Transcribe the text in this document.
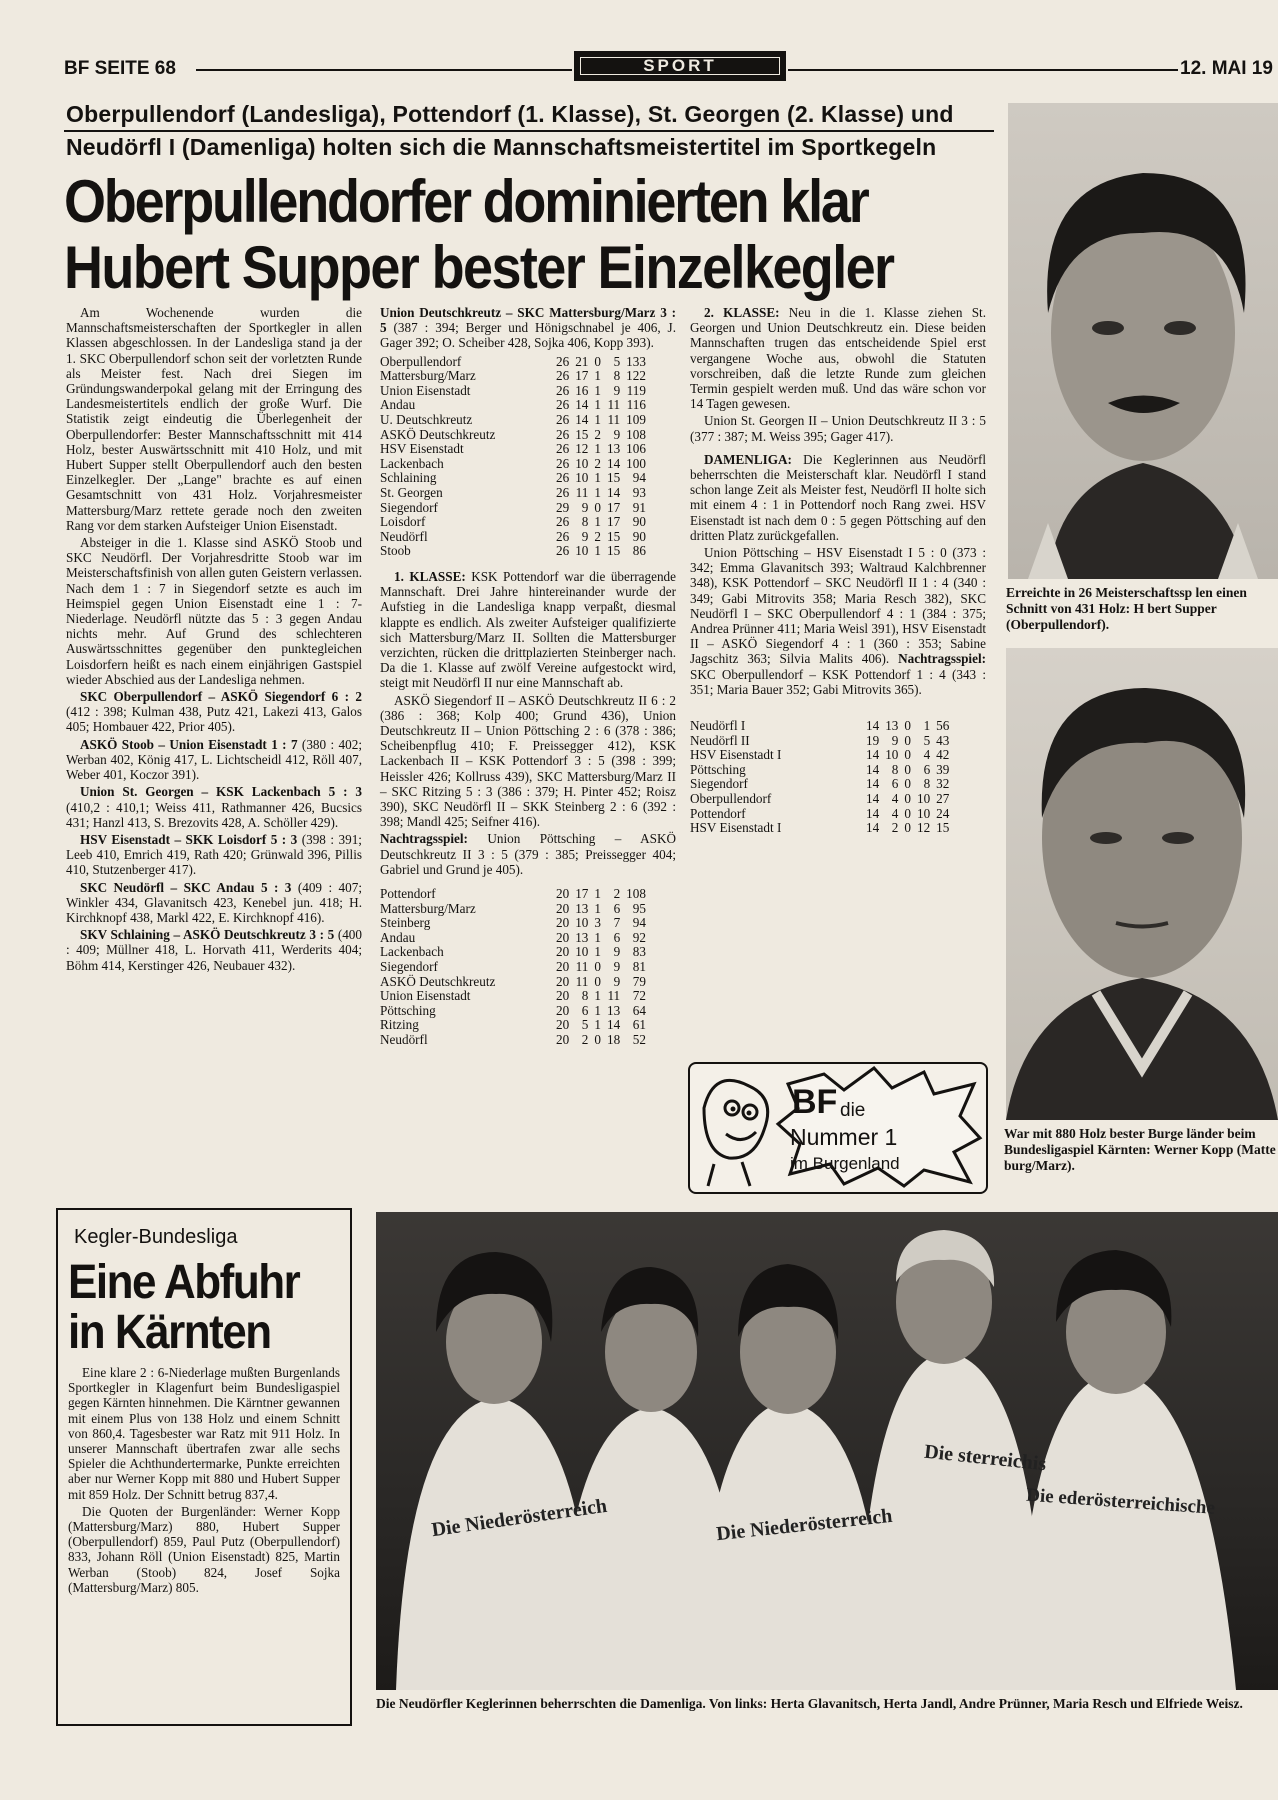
BF SEITE 68	SPORT	12. MAI 19
Oberpullendorf (Landesliga), Pottendorf (1. Klasse), St. Georgen (2. Klasse) und
Neudörfl I (Damenliga) holten sich die Mannschaftsmeistertitel im Sportkegeln
Oberpullendorfer dominierten klar
Hubert Supper bester Einzelkegler

Am Wochenende wurden die Mannschaftsmeisterschaften der Sportkegler in allen Klassen abgeschlossen. In der Landesliga stand ja der 1. SKC Oberpullendorf schon seit der vorletzten Runde als Meister fest. Nach drei Siegen im Gründungswanderpokal gelang mit der Erringung des Landesmeistertitels endlich der große Wurf. Die Statistik zeigt eindeutig die Überlegenheit der Oberpullendorfer: Bester Mannschaftsschnitt mit 414 Holz, bester Auswärtsschnitt mit 410 Holz, und mit Hubert Supper stellt Oberpullendorf auch den besten Einzelkegler. Der „Lange" brachte es auf einen Gesamtschnitt von 431 Holz. Vorjahresmeister Mattersburg/Marz rettete gerade noch den zweiten Rang vor dem starken Aufsteiger Union Eisenstadt.

Absteiger in die 1. Klasse sind ASKÖ Stoob und SKC Neudörfl. Der Vorjahresdritte Stoob war im Meisterschaftsfinish von allen guten Geistern verlassen. Nach dem 1 : 7 in Siegendorf setzte es auch im Heimspiel gegen Union Eisenstadt eine 1 : 7-Niederlage. Neudörfl nützte das 5 : 3 gegen Andau nichts mehr. Auf Grund des schlechteren Auswärtsschnittes gegenüber den punktegleichen Loisdorfern heißt es nach einem einjährigen Gastspiel wieder Abschied aus der Landesliga nehmen.

SKC Oberpullendorf – ASKÖ Siegendorf 6 : 2 (412 : 398; Kulman 438, Putz 421, Lakezi 413, Galos 405; Hombauer 422, Prior 405).

ASKÖ Stoob – Union Eisenstadt 1 : 7 (380 : 402; Werban 402, König 417, L. Lichtscheidl 412, Röll 407, Weber 401, Koczor 391).

Union St. Georgen – KSK Lackenbach 5 : 3 (410,2 : 410,1; Weiss 411, Rathmanner 426, Bucsics 431; Hanzl 413, S. Brezovits 428, A. Schöller 429).

HSV Eisenstadt – SKK Loisdorf 5 : 3 (398 : 391; Leeb 410, Emrich 419, Rath 420; Grünwald 396, Pillis 410, Stutzenberger 417).

SKC Neudörfl – SKC Andau 5 : 3 (409 : 407; Winkler 434, Glavanitsch 423, Kenebel jun. 418; H. Kirchknopf 438, Markl 422, E. Kirchknopf 416).

SKV Schlaining – ASKÖ Deutschkreutz 3 : 5 (400 : 409; Müllner 418, L. Horvath 411, Werderits 404; Böhm 414, Kerstinger 426, Neubauer 432).

Union Deutschkreutz – SKC Mattersburg/Marz 3 : 5 (387 : 394; Berger und Hönigschnabel je 406, J. Gager 392; O. Scheiber 428, Sojka 406, Kopp 393).

Oberpullendorf	26	21	0	5	133
Mattersburg/Marz	26	17	1	8	122
Union Eisenstadt	26	16	1	9	119
Andau	26	14	1	11	116
U. Deutschkreutz	26	14	1	11	109
ASKÖ Deutschkreutz	26	15	2	9	108
HSV Eisenstadt	26	12	1	13	106
Lackenbach	26	10	2	14	100
Schlaining	26	10	1	15	94
St. Georgen	26	11	1	14	93
Siegendorf	29	9	0	17	91
Loisdorf	26	8	1	17	90
Neudörfl	26	9	2	15	90
Stoob	26	10	1	15	86

1. KLASSE: KSK Pottendorf war die überragende Mannschaft. Drei Jahre hintereinander wurde der Aufstieg in die Landesliga knapp verpaßt, diesmal klappte es endlich. Als zweiter Aufsteiger qualifizierte sich Mattersburg/Marz II. Sollten die Mattersburger verzichten, rücken die drittplazierten Steinberger nach. Da die 1. Klasse auf zwölf Vereine aufgestockt wird, steigt mit Neudörfl II nur eine Mannschaft ab.

ASKÖ Siegendorf II – ASKÖ Deutschkreutz II 6 : 2 (386 : 368; Kolp 400; Grund 436), Union Deutschkreutz II – Union Pöttsching 2 : 6 (378 : 386; Scheibenpflug 410; F. Preissegger 412), KSK Lackenbach II – KSK Pottendorf 3 : 5 (398 : 399; Heissler 426; Kollruss 439), SKC Mattersburg/Marz II – SKC Ritzing 5 : 3 (386 : 379; H. Pinter 452; Roisz 390), SKC Neudörfl II – SKK Steinberg 2 : 6 (392 : 398; Mandl 425; Seifner 416).

Nachtragsspiel: Union Pöttsching – ASKÖ Deutschkreutz II 3 : 5 (379 : 385; Preissegger 404; Gabriel und Grund je 405).

Pottendorf	20	17	1	2	108
Mattersburg/Marz	20	13	1	6	95
Steinberg	20	10	3	7	94
Andau	20	13	1	6	92
Lackenbach	20	10	1	9	83
Siegendorf	20	11	0	9	81
ASKÖ Deutschkreutz	20	11	0	9	79
Union Eisenstadt	20	8	1	11	72
Pöttsching	20	6	1	13	64
Ritzing	20	5	1	14	61
Neudörfl	20	2	0	18	52

2. KLASSE: Neu in die 1. Klasse ziehen St. Georgen und Union Deutschkreutz ein. Diese beiden Mannschaften trugen das entscheidende Spiel erst vergangene Woche aus, obwohl die Statuten vorschreiben, daß die letzte Runde zum gleichen Termin gespielt werden muß. Und das wäre schon vor 14 Tagen gewesen.

Union St. Georgen II – Union Deutschkreutz II 3 : 5 (377 : 387; M. Weiss 395; Gager 417).

DAMENLIGA: Die Keglerinnen aus Neudörfl beherrschten die Meisterschaft klar. Neudörfl I stand schon lange Zeit als Meister fest, Neudörfl II holte sich mit einem 4 : 1 in Pottendorf noch Rang zwei. HSV Eisenstadt ist nach dem 0 : 5 gegen Pöttsching auf den dritten Platz zurückgefallen.

Union Pöttsching – HSV Eisenstadt I 5 : 0 (373 : 342; Emma Glavanitsch 393; Waltraud Kalchbrenner 348), KSK Pottendorf – SKC Neudörfl II 1 : 4 (340 : 349; Gabi Mitrovits 358; Maria Resch 382), SKC Neudörfl I – SKC Oberpullendorf 4 : 1 (384 : 375; Andrea Prünner 411; Maria Weisl 391), HSV Eisenstadt II – ASKÖ Siegendorf 4 : 1 (360 : 353; Sabine Jagschitz 363; Silvia Malits 406). Nachtragsspiel: SKC Oberpullendorf – KSK Pottendorf 1 : 4 (343 : 351; Maria Bauer 352; Gabi Mitrovits 365).

Neudörfl I	14	13	0	1	56
Neudörfl II	19	9	0	5	43
HSV Eisenstadt I	14	10	0	4	42
Pöttsching	14	8	0	6	39
Siegendorf	14	6	0	8	32
Oberpullendorf	14	4	0	10	27
Pottendorf	14	4	0	10	24
HSV Eisenstadt I	14	2	0	12	15
BF die
Nummer 1
im Burgenland
Erreichte in 26 Meisterschaftssp len einen Schnitt von 431 Holz: H bert Supper (Oberpullendorf).
War mit 880 Holz bester Burge länder beim Bundesligaspiel Kärnten: Werner Kopp (Matte burg/Marz).
Kegler-Bundesliga
Eine Abfuhr
in Kärnten

Eine klare 2 : 6-Niederlage mußten Burgenlands Sportkegler in Klagenfurt beim Bundesligaspiel gegen Kärnten hinnehmen. Die Kärntner gewannen mit einem Plus von 138 Holz und einem Schnitt von 860,4. Tagesbester war Ratz mit 911 Holz. In unserer Mannschaft übertrafen zwar alle sechs Spieler die Achthundertermarke, Punkte erreichten aber nur Werner Kopp mit 880 und Hubert Supper mit 859 Holz. Der Schnitt betrug 837,4.

Die Quoten der Burgenländer: Werner Kopp (Mattersburg/Marz) 880, Hubert Supper (Oberpullendorf) 859, Paul Putz (Oberpullendorf) 833, Johann Röll (Union Eisenstadt) 825, Martin Werban (Stoob) 824, Josef Sojka (Mattersburg/Marz) 805.

Die Niederösterreich	Die Niederösterreich
Die sterreichis
Die ederösterreichische
Die Neudörfler Keglerinnen beherrschten die Damenliga. Von links: Herta Glavanitsch, Herta Jandl, Andre Prünner, Maria Resch und Elfriede Weisz.
